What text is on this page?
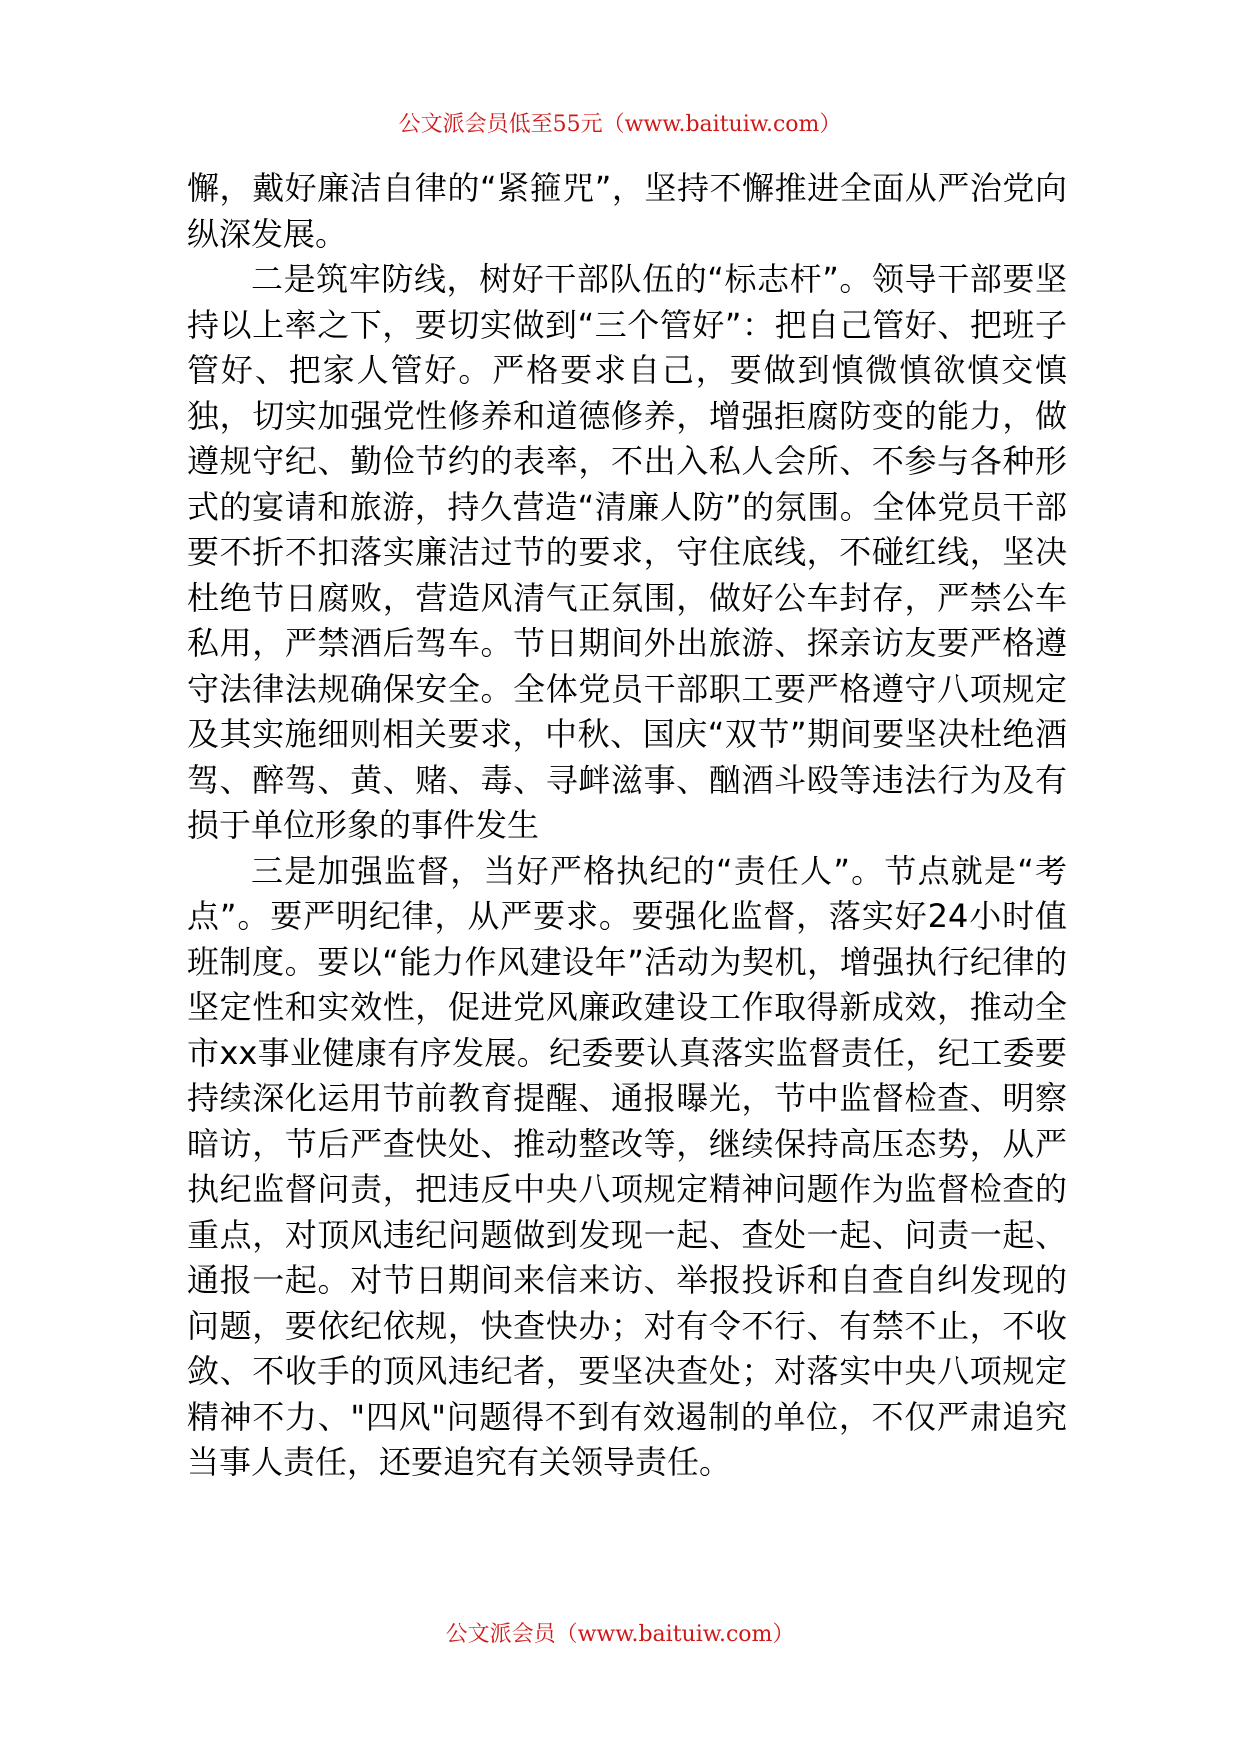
公文派会员低至55元（www.baituiw.com）

懈，戴好廉洁自律的“紧箍咒”，坚持不懈推进全面从严治党向纵深发展。

二是筑牢防线，树好干部队伍的“标志杆”。领导干部要坚持以上率之下，要切实做到“三个管好”：把自己管好、把班子管好、把家人管好。严格要求自己，要做到慎微慎欲慎交慎独，切实加强党性修养和道德修养，增强拒腐防变的能力，做遵规守纪、勤俭节约的表率，不出入私人会所、不参与各种形式的宴请和旅游，持久营造“清廉人防”的氛围。全体党员干部要不折不扣落实廉洁过节的要求，守住底线，不碰红线，坚决杜绝节日腐败，营造风清气正氛围，做好公车封存，严禁公车私用，严禁酒后驾车。节日期间外出旅游、探亲访友要严格遵守法律法规确保安全。全体党员干部职工要严格遵守八项规定及其实施细则相关要求，中秋、国庆“双节”期间要坚决杜绝酒驾、醉驾、黄、赌、毒、寻衅滋事、酗酒斗殴等违法行为及有损于单位形象的事件发生

三是加强监督，当好严格执纪的“责任人”。节点就是“考点”。要严明纪律，从严要求。要强化监督，落实好24小时值班制度。要以“能力作风建设年”活动为契机，增强执行纪律的坚定性和实效性，促进党风廉政建设工作取得新成效，推动全市xx事业健康有序发展。纪委要认真落实监督责任，纪工委要持续深化运用节前教育提醒、通报曝光，节中监督检查、明察暗访，节后严查快处、推动整改等，继续保持高压态势，从严执纪监督问责，把违反中央八项规定精神问题作为监督检查的重点，对顶风违纪问题做到发现一起、查处一起、问责一起、通报一起。对节日期间来信来访、举报投诉和自查自纠发现的问题，要依纪依规，快查快办；对有令不行、有禁不止，不收敛、不收手的顶风违纪者，要坚决查处；对落实中央八项规定精神不力、"四风"问题得不到有效遏制的单位，不仅严肃追究当事人责任，还要追究有关领导责任。

公文派会员（www.baituiw.com）
